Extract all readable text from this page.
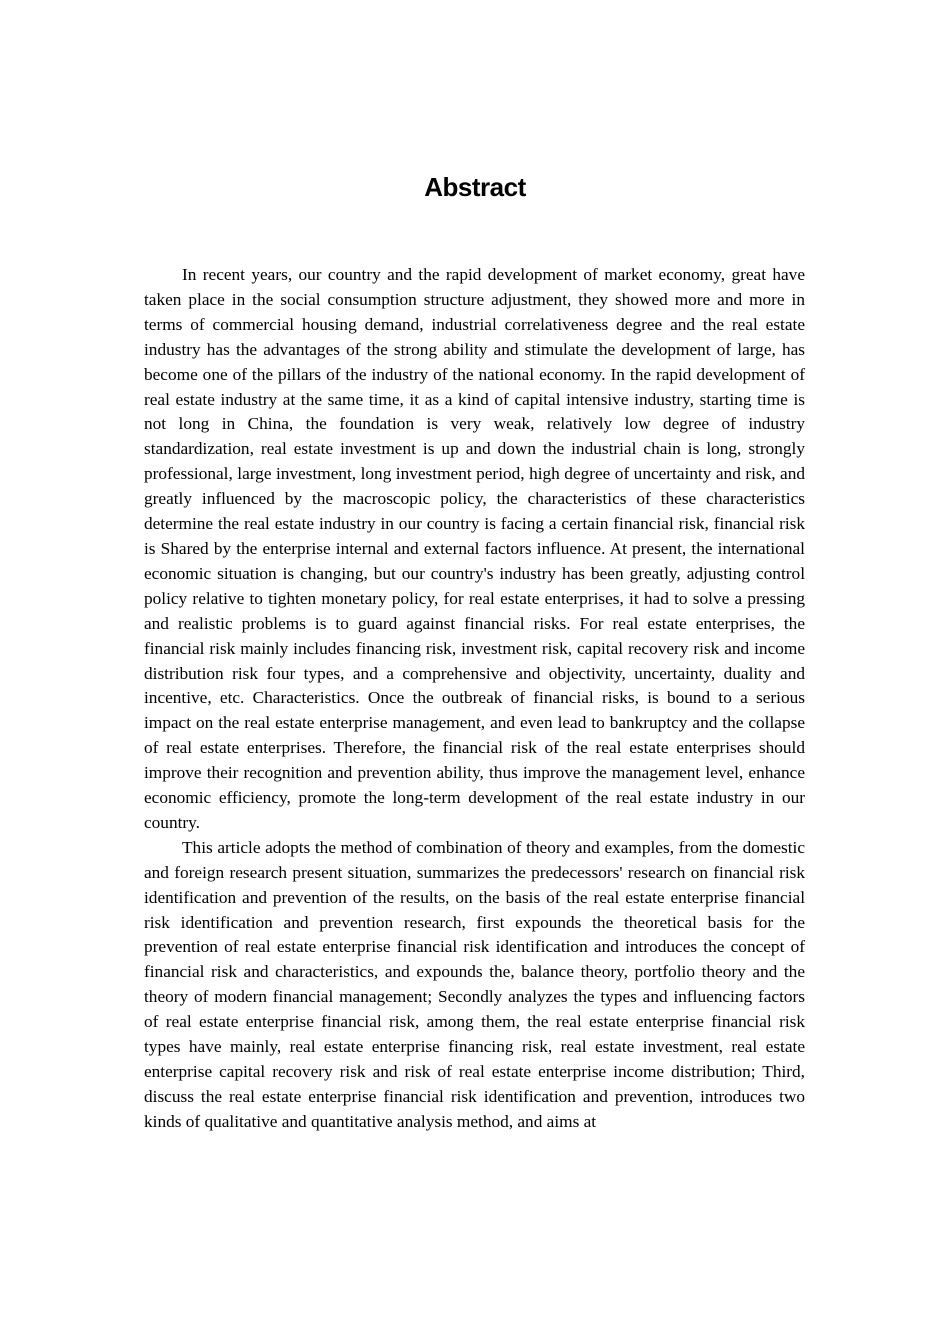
Abstract

In recent years, our country and the rapid development of market economy, great have taken place in the social consumption structure adjustment, they showed more and more in terms of commercial housing demand, industrial correlativeness degree and the real estate industry has the advantages of the strong ability and stimulate the development of large, has become one of the pillars of the industry of the national economy. In the rapid development of real estate industry at the same time, it as a kind of capital intensive industry, starting time is not long in China, the foundation is very weak, relatively low degree of industry standardization, real estate investment is up and down the industrial chain is long, strongly professional, large investment, long investment period, high degree of uncertainty and risk, and greatly influenced by the macroscopic policy, the characteristics of these characteristics determine the real estate industry in our country is facing a certain financial risk, financial risk is Shared by the enterprise internal and external factors influence. At present, the international economic situation is changing, but our country's industry has been greatly, adjusting control policy relative to tighten monetary policy, for real estate enterprises, it had to solve a pressing and realistic problems is to guard against financial risks. For real estate enterprises, the financial risk mainly includes financing risk, investment risk, capital recovery risk and income distribution risk four types, and a comprehensive and objectivity, uncertainty, duality and incentive, etc. Characteristics. Once the outbreak of financial risks, is bound to a serious impact on the real estate enterprise management, and even lead to bankruptcy and the collapse of real estate enterprises. Therefore, the financial risk of the real estate enterprises should improve their recognition and prevention ability, thus improve the management level, enhance economic efficiency, promote the long-term development of the real estate industry in our country.

This article adopts the method of combination of theory and examples, from the domestic and foreign research present situation, summarizes the predecessors' research on financial risk identification and prevention of the results, on the basis of the real estate enterprise financial risk identification and prevention research, first expounds the theoretical basis for the prevention of real estate enterprise financial risk identification and introduces the concept of financial risk and characteristics, and expounds the, balance theory, portfolio theory and the theory of modern financial management; Secondly analyzes the types and influencing factors of real estate enterprise financial risk, among them, the real estate enterprise financial risk types have mainly, real estate enterprise financing risk, real estate investment, real estate enterprise capital recovery risk and risk of real estate enterprise income distribution; Third, discuss the real estate enterprise financial risk identification and prevention, introduces two kinds of qualitative and quantitative analysis method, and aims at
